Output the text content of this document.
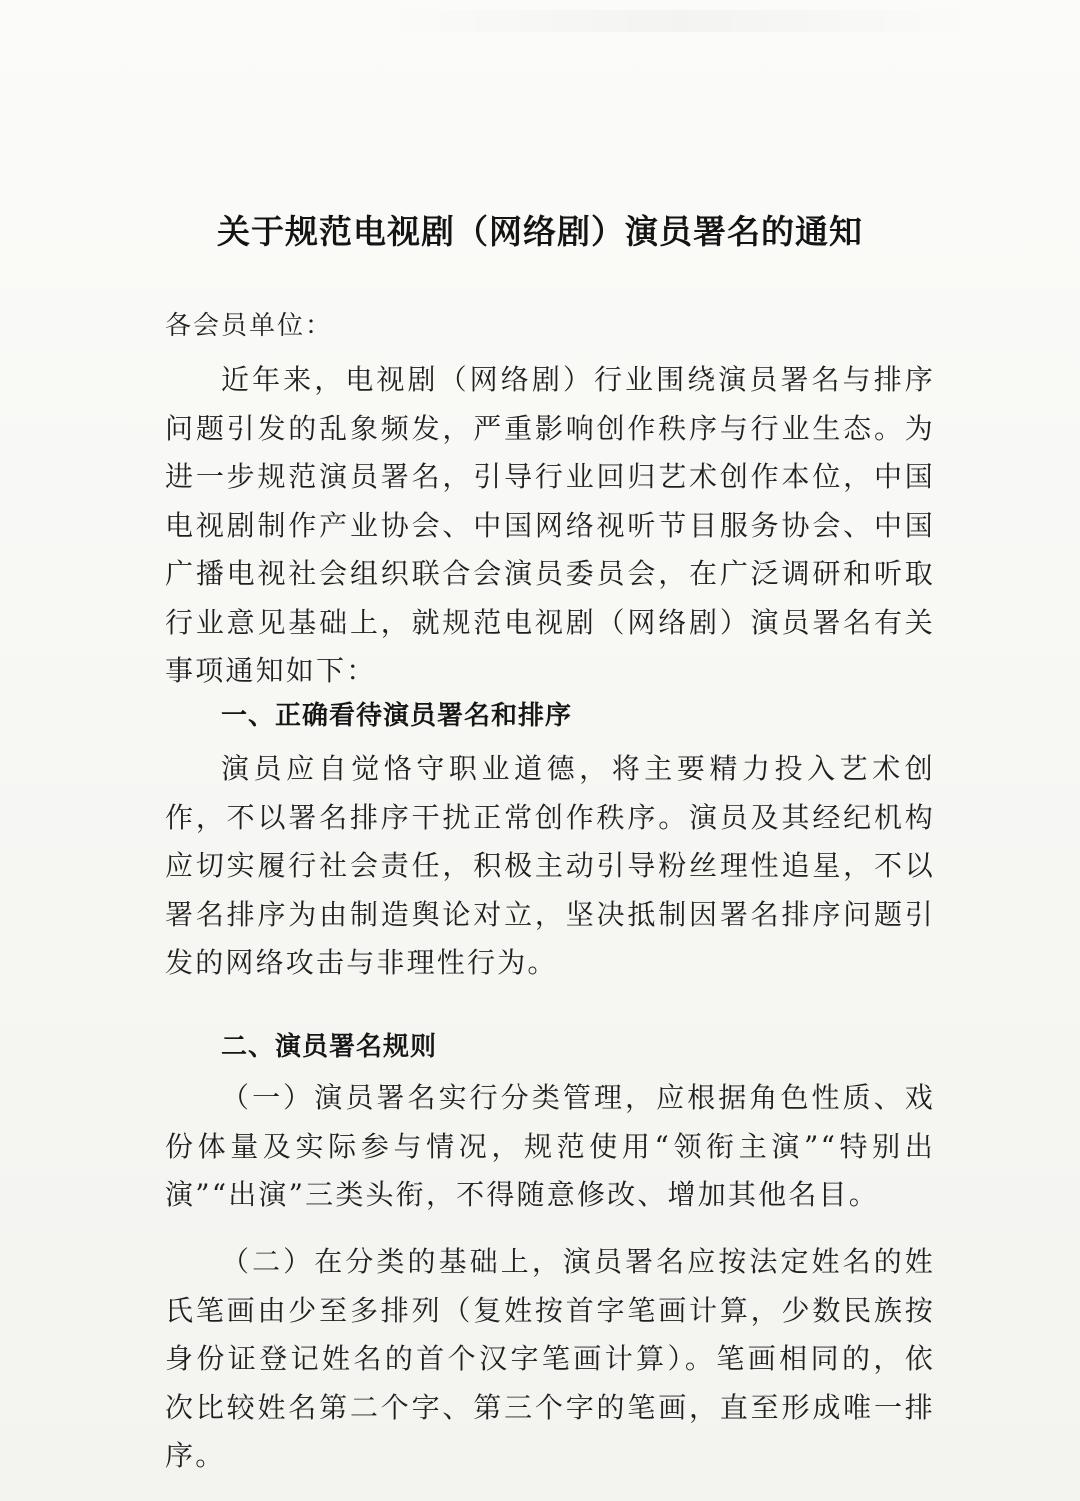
关于规范电视剧（网络剧）演员署名的通知
各会员单位：

近年来，电视剧（网络剧）行业围绕演员署名与排序问题引发的乱象频发，严重影响创作秩序与行业生态。为进一步规范演员署名，引导行业回归艺术创作本位，中国电视剧制作产业协会、中国网络视听节目服务协会、中国广播电视社会组织联合会演员委员会，在广泛调研和听取行业意见基础上，就规范电视剧（网络剧）演员署名有关事项通知如下：

一、正确看待演员署名和排序

演员应自觉恪守职业道德，将主要精力投入艺术创作，不以署名排序干扰正常创作秩序。演员及其经纪机构应切实履行社会责任，积极主动引导粉丝理性追星，不以署名排序为由制造舆论对立，坚决抵制因署名排序问题引发的网络攻击与非理性行为。

二、演员署名规则

（一）演员署名实行分类管理，应根据角色性质、戏份体量及实际参与情况，规范使用“领衔主演”“特别出演”“出演”三类头衔，不得随意修改、增加其他名目。

（二）在分类的基础上，演员署名应按法定姓名的姓氏笔画由少至多排列（复姓按首字笔画计算，少数民族按身份证登记姓名的首个汉字笔画计算）。笔画相同的，依次比较姓名第二个字、第三个字的笔画，直至形成唯一排序。
